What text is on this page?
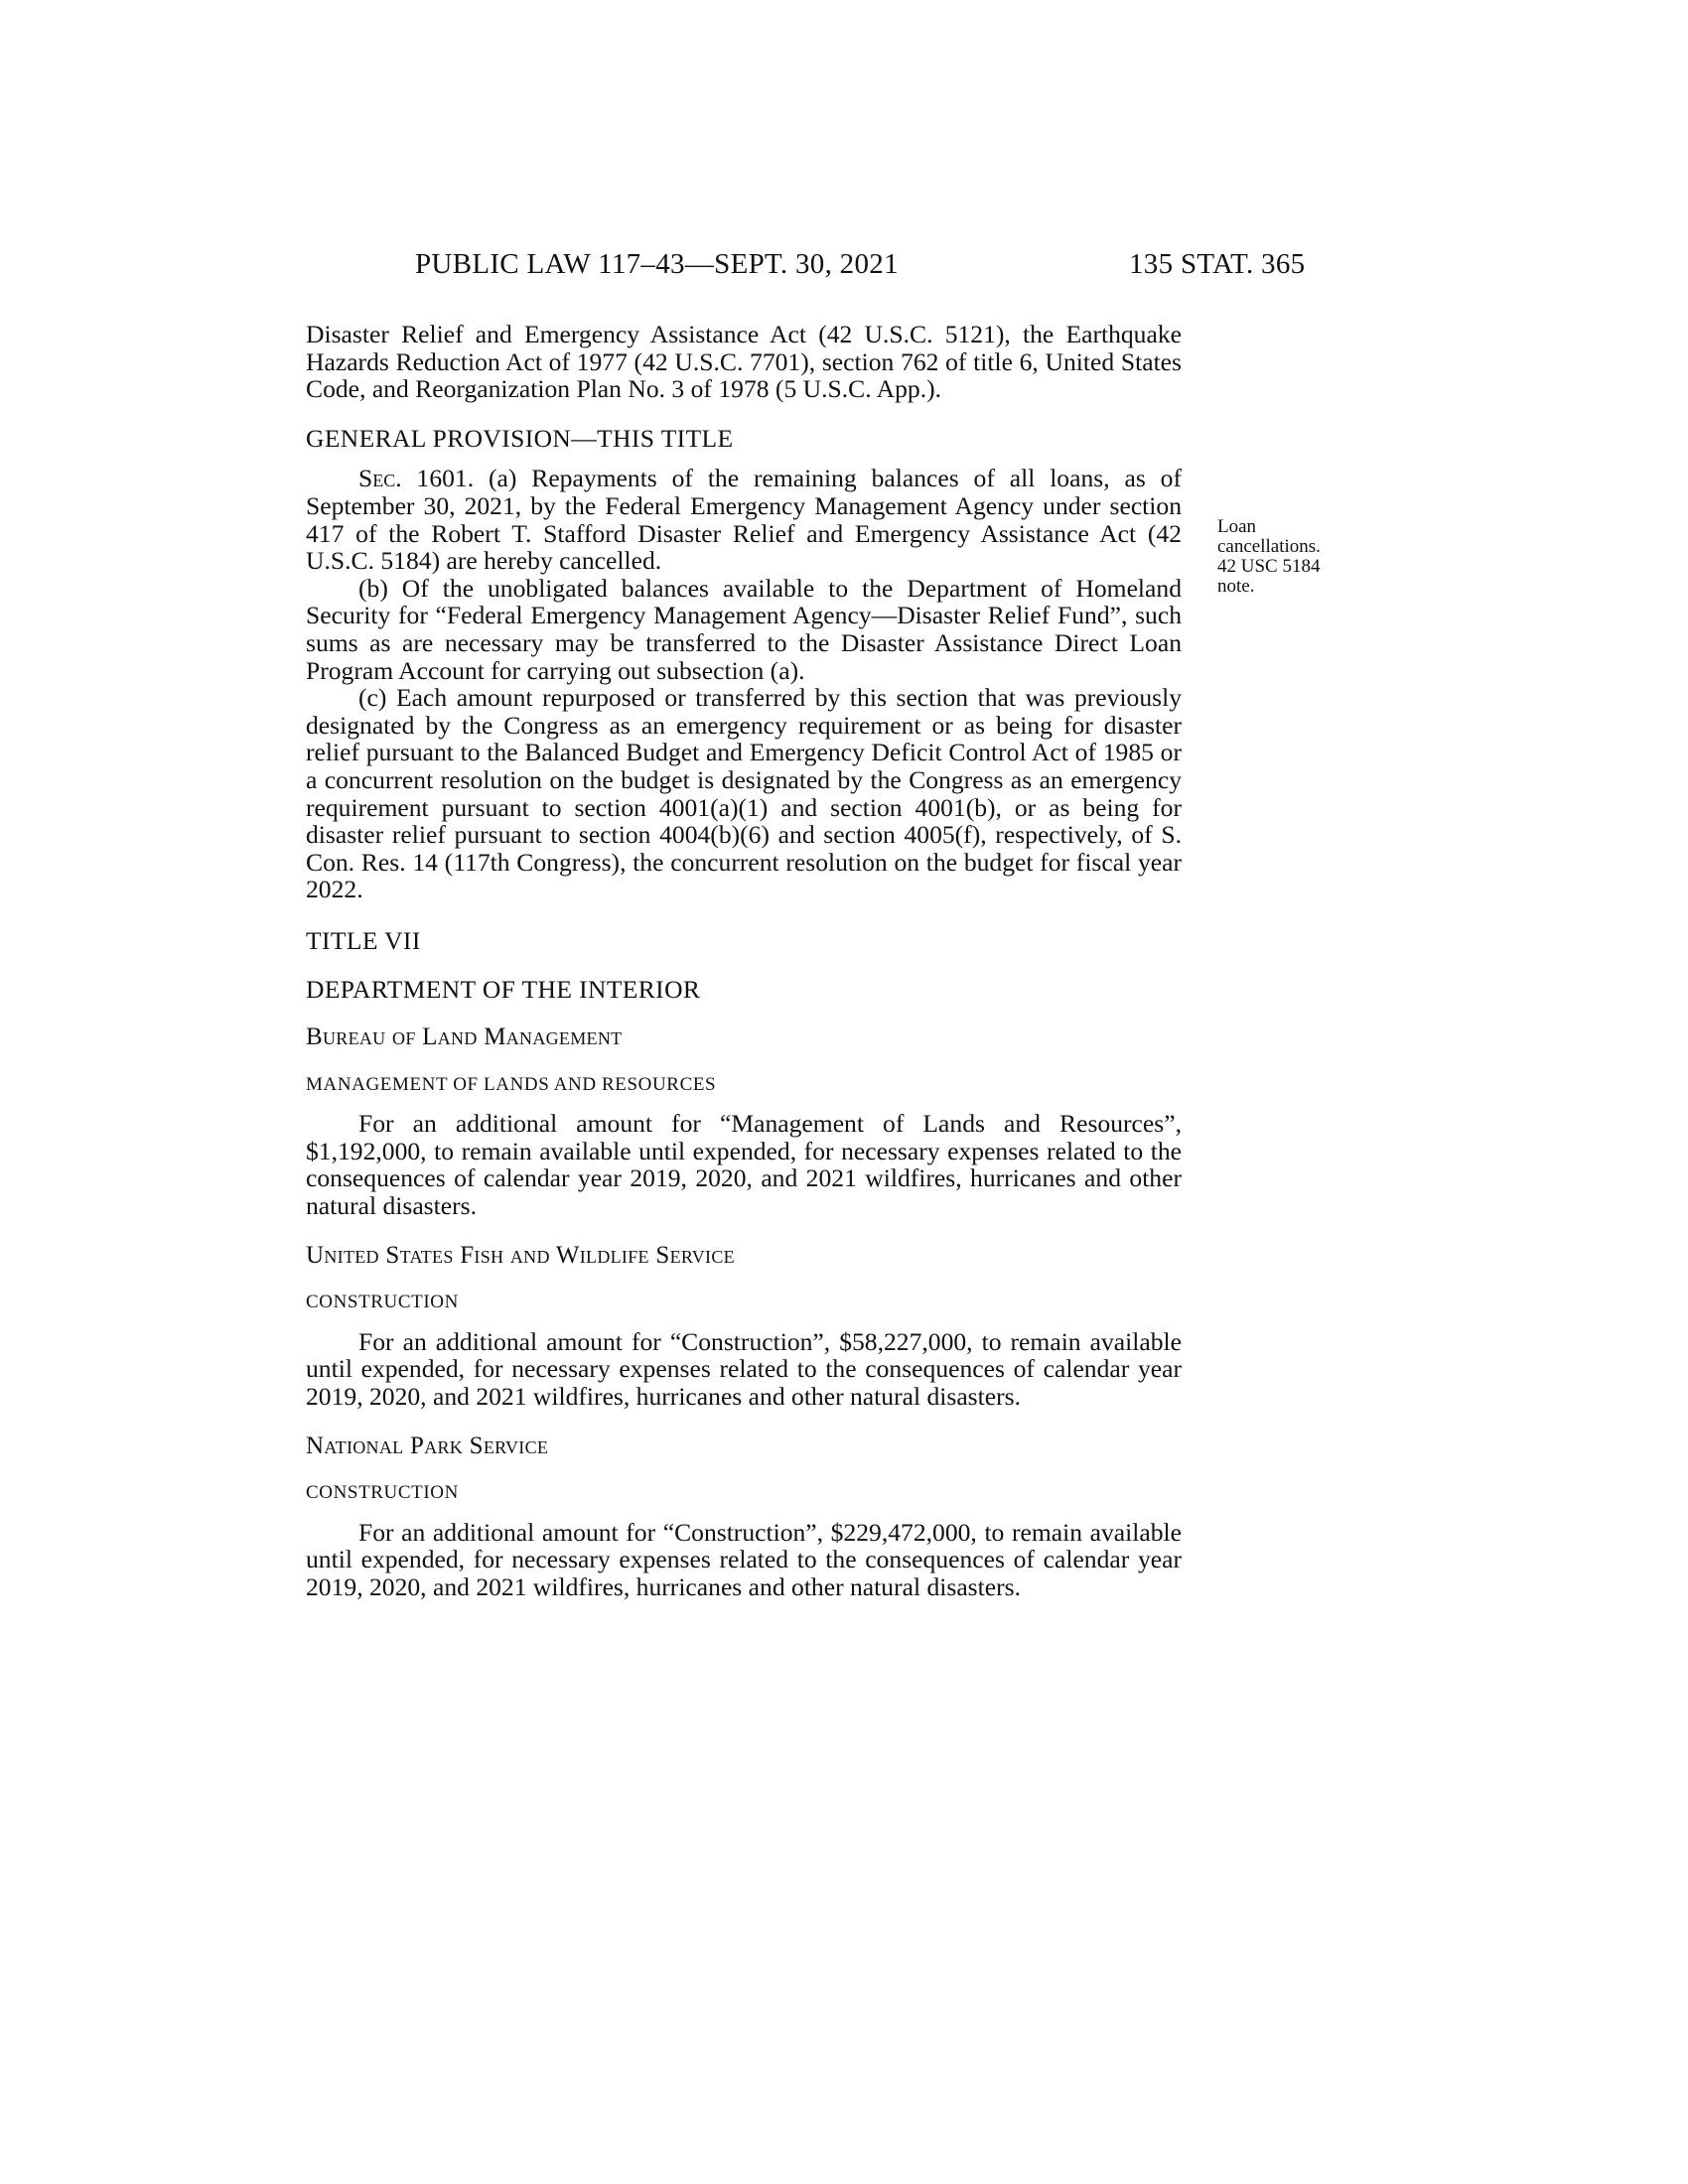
PUBLIC LAW 117–43—SEPT. 30, 2021	135 STAT. 365
Loan
cancellations.
42 USC 5184
note.

Disaster Relief and Emergency Assistance Act (42 U.S.C. 5121), the Earthquake Hazards Reduction Act of 1977 (42 U.S.C. 7701), section 762 of title 6, United States Code, and Reorganization Plan No. 3 of 1978 (5 U.S.C. App.).

GENERAL PROVISION—THIS TITLE

Sec. 1601. (a) Repayments of the remaining balances of all loans, as of September 30, 2021, by the Federal Emergency Management Agency under section 417 of the Robert T. Stafford Disaster Relief and Emergency Assistance Act (42 U.S.C. 5184) are hereby cancelled.

(b) Of the unobligated balances available to the Department of Homeland Security for “Federal Emergency Management Agency—Disaster Relief Fund”, such sums as are necessary may be transferred to the Disaster Assistance Direct Loan Program Account for carrying out subsection (a).

(c) Each amount repurposed or transferred by this section that was previously designated by the Congress as an emergency requirement or as being for disaster relief pursuant to the Balanced Budget and Emergency Deficit Control Act of 1985 or a concurrent resolution on the budget is designated by the Congress as an emergency requirement pursuant to section 4001(a)(1) and section 4001(b), or as being for disaster relief pursuant to section 4004(b)(6) and section 4005(f), respectively, of S. Con. Res. 14 (117th Congress), the concurrent resolution on the budget for fiscal year 2022.

TITLE VII

DEPARTMENT OF THE INTERIOR

Bureau of Land Management

MANAGEMENT OF LANDS AND RESOURCES

For an additional amount for “Management of Lands and Resources”, $1,192,000, to remain available until expended, for necessary expenses related to the consequences of calendar year 2019, 2020, and 2021 wildfires, hurricanes and other natural disasters.

United States Fish and Wildlife Service

CONSTRUCTION

For an additional amount for “Construction”, $58,227,000, to remain available until expended, for necessary expenses related to the consequences of calendar year 2019, 2020, and 2021 wildfires, hurricanes and other natural disasters.

National Park Service

CONSTRUCTION

For an additional amount for “Construction”, $229,472,000, to remain available until expended, for necessary expenses related to the consequences of calendar year 2019, 2020, and 2021 wildfires, hurricanes and other natural disasters.
